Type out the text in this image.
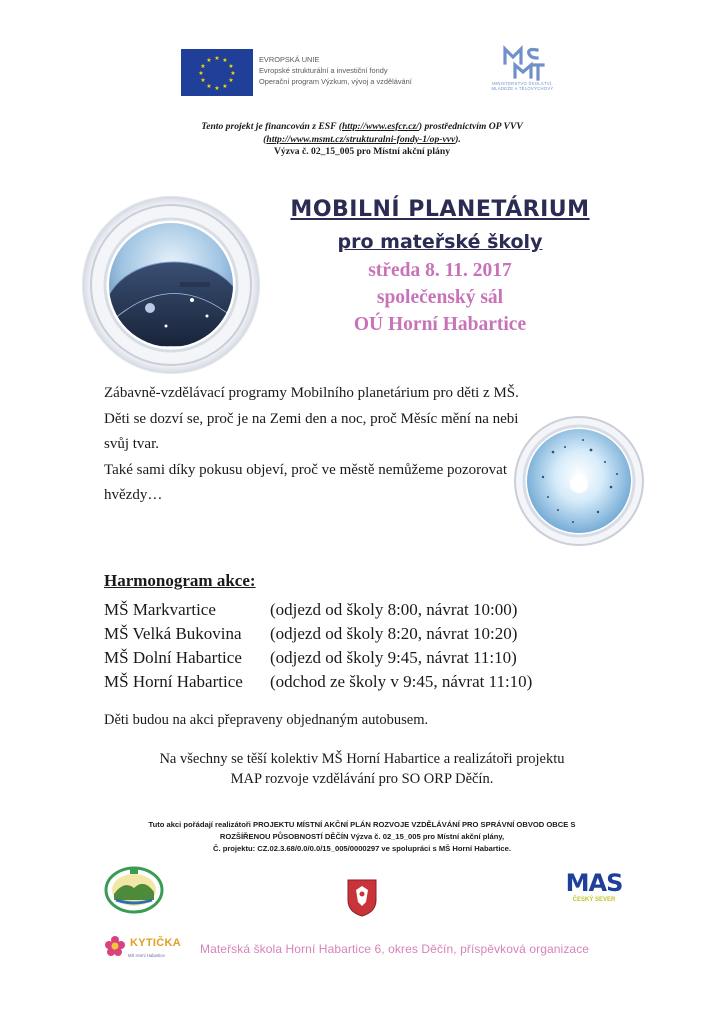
★ ★
★
★
★
★
★
★
★
★
★
★	EVROPSKÁ UNIE
Evropské strukturální a investiční fondy
Operační program Výzkum, vývoj a vzdělávání	MINISTERSTVO ŠKOLSTVÍ,
MLÁDEŽE A TĚLOVÝCHOVY
Tento projekt je financován z ESF (http://www.esfcr.cz/) prostřednictvím OP VVV
(http://www.msmt.cz/strukturalni-fondy-1/op-vvv).
Výzva č. 02_15_005 pro Místní akční plány
MOBILNÍ PLANETÁRIUM
pro mateřské školy

středa 8. 11. 2017

společenský sál

OÚ Horní Habartice

Zábavně-vzdělávací programy Mobilního planetárium pro děti z MŠ.

Děti se dozví se, proč je na Zemi den a noc, proč Měsíc mění na nebi svůj tvar.

Také sami díky pokusu objeví, proč ve městě nemůžeme pozorovat hvězdy…

Harmonogram akce:
MŠ Markvartice	(odjezd od školy 8:00, návrat 10:00)
MŠ Velká Bukovina	(odjezd od školy 8:20, návrat 10:20)
MŠ Dolní Habartice	(odjezd od školy 9:45, návrat 11:10)
MŠ Horní Habartice	(odchod ze školy v 9:45, návrat 11:10)
Děti budou na akci přepraveny objednaným autobusem.
Na všechny se těší kolektiv MŠ Horní Habartice a realizátoři projektu
MAP rozvoje vzdělávání pro SO ORP Děčín.
Tuto akci pořádají realizátoři PROJEKTU MÍSTNÍ AKČNÍ PLÁN ROZVOJE VZDĚLÁVÁNÍ PRO SPRÁVNÍ OBVOD OBCE S
ROZŠÍŘENOU PŮSOBNOSTÍ DĚČÍN Výzva č. 02_15_005 pro Místní akční plány,
Č. projektu: CZ.02.3.68/0.0/0.0/15_005/0000297 ve spolupráci s MŠ Horní Habartice.
MAS
ČESKÝ SEVER
KYTIČKA
MŠ Horní Habartice	Mateřská škola Horní Habartice 6, okres Děčín, příspěvková organizace
